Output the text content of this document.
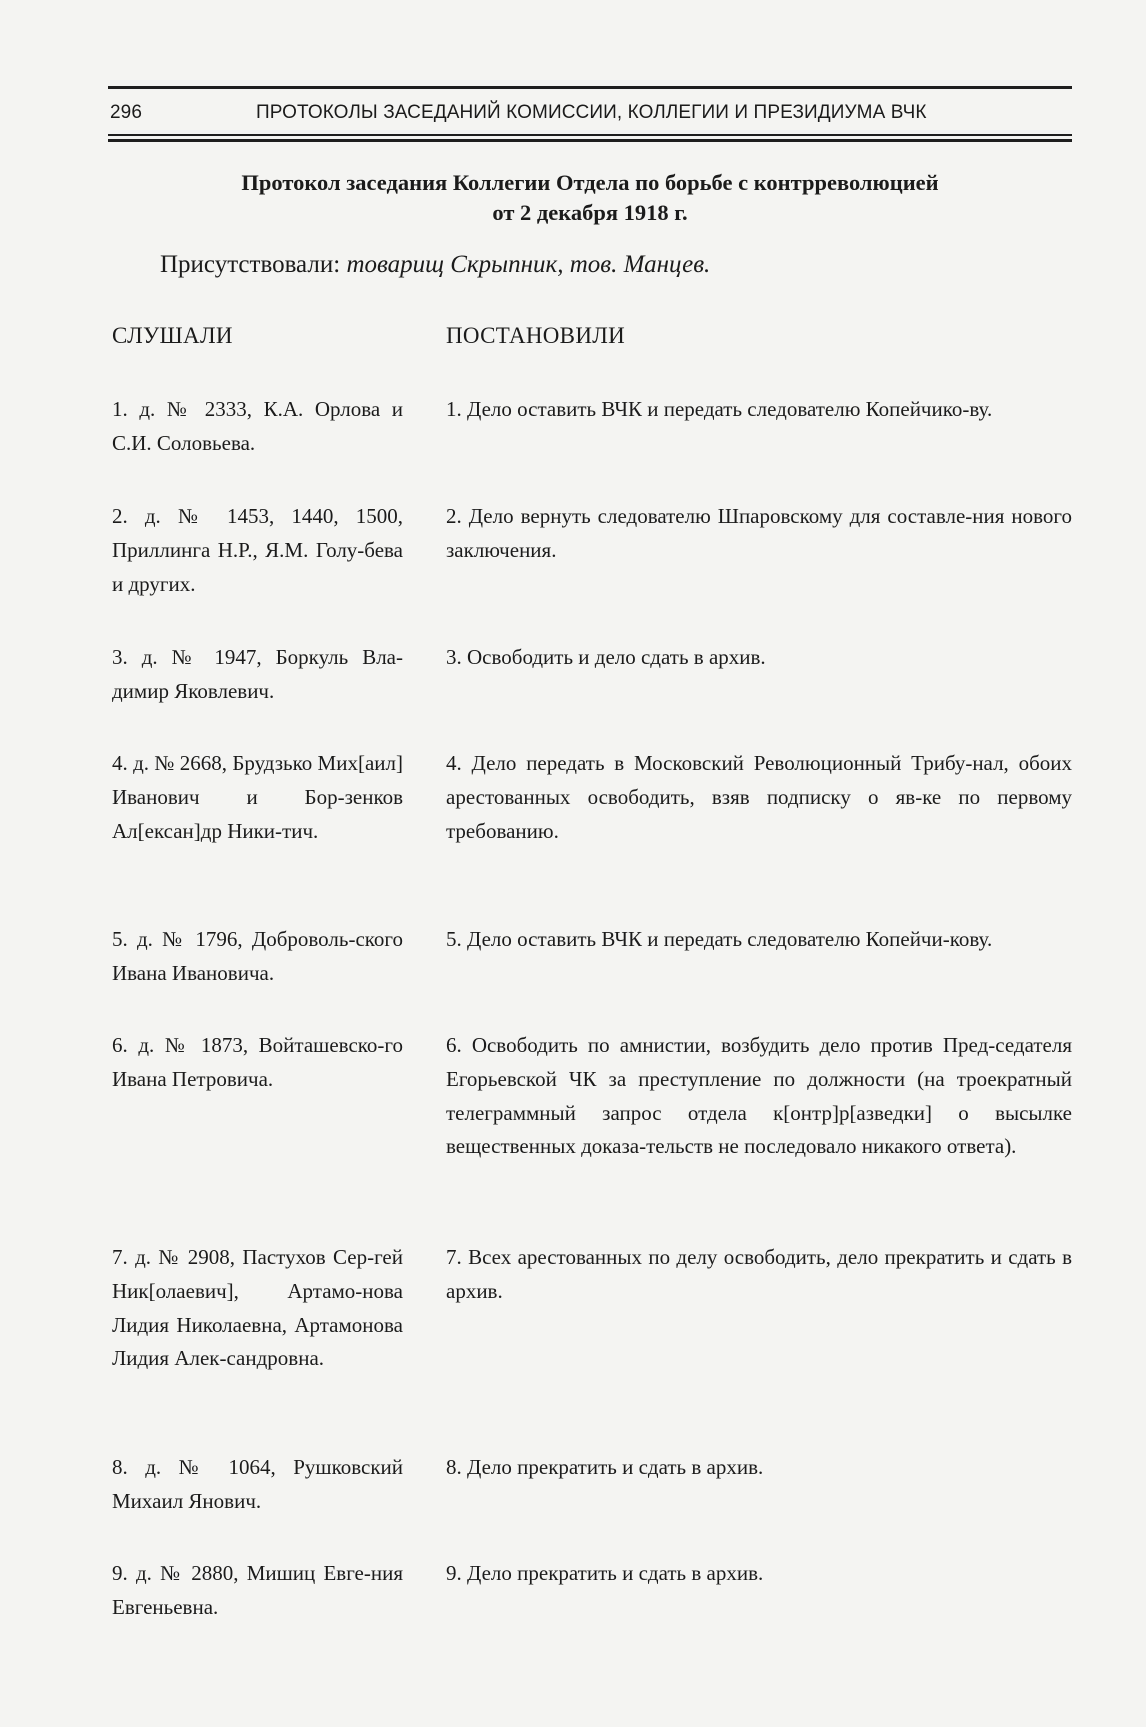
296	ПРОТОКОЛЫ ЗАСЕДАНИЙ КОМИССИИ, КОЛЛЕГИИ И ПРЕЗИДИУМА ВЧК
Протокол заседания Коллегии Отдела по борьбе с контрреволюцией
от 2 декабря 1918 г.
Присутствовали: товарищ Скрыпник, тов. Манцев.
СЛУШАЛИ	ПОСТАНОВИЛИ
1. д. № 2333, К.А. Орлова и С.И. Соловьева.
1. Дело оставить ВЧК и передать следователю Копейчико-ву.
2. д. № 1453, 1440, 1500, Приллинга Н.Р., Я.М. Голу-бева и других.
2. Дело вернуть следователю Шпаровскому для составле-ния нового заключения.
3. д. № 1947, Боркуль Вла-димир Яковлевич.
3. Освободить и дело сдать в архив.
4. д. № 2668, Брудзько Мих[аил] Иванович и Бор-зенков Ал[ексан]др Ники-тич.
4. Дело передать в Московский Революционный Трибу-нал, обоих арестованных освободить, взяв подписку о яв-ке по первому требованию.
5. д. № 1796, Доброволь-ского Ивана Ивановича.
5. Дело оставить ВЧК и передать следователю Копейчи-кову.
6. д. № 1873, Войташевско-го Ивана Петровича.
6. Освободить по амнистии, возбудить дело против Пред-седателя Егорьевской ЧК за преступление по должности (на троекратный телеграммный запрос отдела к[онтр]р[азведки] о высылке вещественных доказа-тельств не последовало никакого ответа).
7. д. № 2908, Пастухов Сер-гей Ник[олаевич], Артамо-нова Лидия Николаевна, Артамонова Лидия Алек-сандровна.
7. Всех арестованных по делу освободить, дело прекратить и сдать в архив.
8. д. № 1064, Рушковский Михаил Янович.
8. Дело прекратить и сдать в архив.
9. д. № 2880, Мишиц Евге-ния Евгеньевна.
9. Дело прекратить и сдать в архив.
